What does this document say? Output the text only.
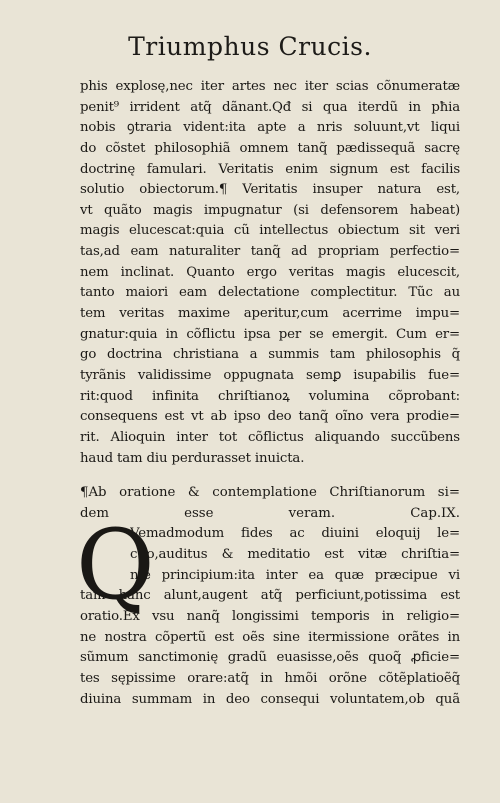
Triumphus Crucis.
phis explosę,nec iter artes nec iter scias cõnumeratæ
penit⁹ irrident atq̃ dãnant.Qđ si qua iterdũ in pħia
nobis ꝯtraria vident:ita apte a nris soluunt,vt liqui
do cõstet philosophiã omnem tanq̃ pædissequã sacrę
doctrinę famulari. Veritatis enim signum est facilis
solutio obiectorum.¶ Veritatis insuper natura est,
vt quãto magis impugnatur (si defensorem habeat)
magis elucescat:quia cũ intellectus obiectum sit veri
tas,ad eam naturaliter tanq̃ ad propriam perfectio=
nem inclinat. Quanto ergo veritas magis elucescit,
tanto maiori eam delectatione complectitur. Tũc au
tem veritas maxime aperitur,cum acerrime impu=
gnatur:quia in cõflictu ipsa per se emergit. Cum er=
go doctrina christiana a summis tam philosophis q̃
tyrãnis validissime oppugnata semꝑ isupabilis fue=
rit:quod infinita chriſtianoꝝ volumina cõprobant:
consequens est vt ab ipso deo tanq̃ oĩno vera prodie=
rit. Alioquin inter tot cõflictus aliquando succũbens
haud tam diu perdurasset inuicta.
¶Ab oratione & contemplatione Chriſtianorum si=
dem esse veram. Cap.IX.
Q
Vemadmodum fides ac diuini eloquij le=
ctio,auditus & meditatio est vitæ chriſtia=
næ principium:ita inter ea quæ præcipue vi
tam hanc alunt,augent atq̃ perficiunt,potissima est
oratio.Ex vsu nanq̃ longissimi temporis in religio=
ne nostra cõpertũ est oẽs sine itermissione orãtes in
sũmum sanctimonię gradũ euasisse,oẽs quoq̃ ꝓficie=
tes sępissime orare:atq̃ in hmõi orõne cõtẽplatioẽq̃
diuina summam in deo consequi voluntatem,ob quã
